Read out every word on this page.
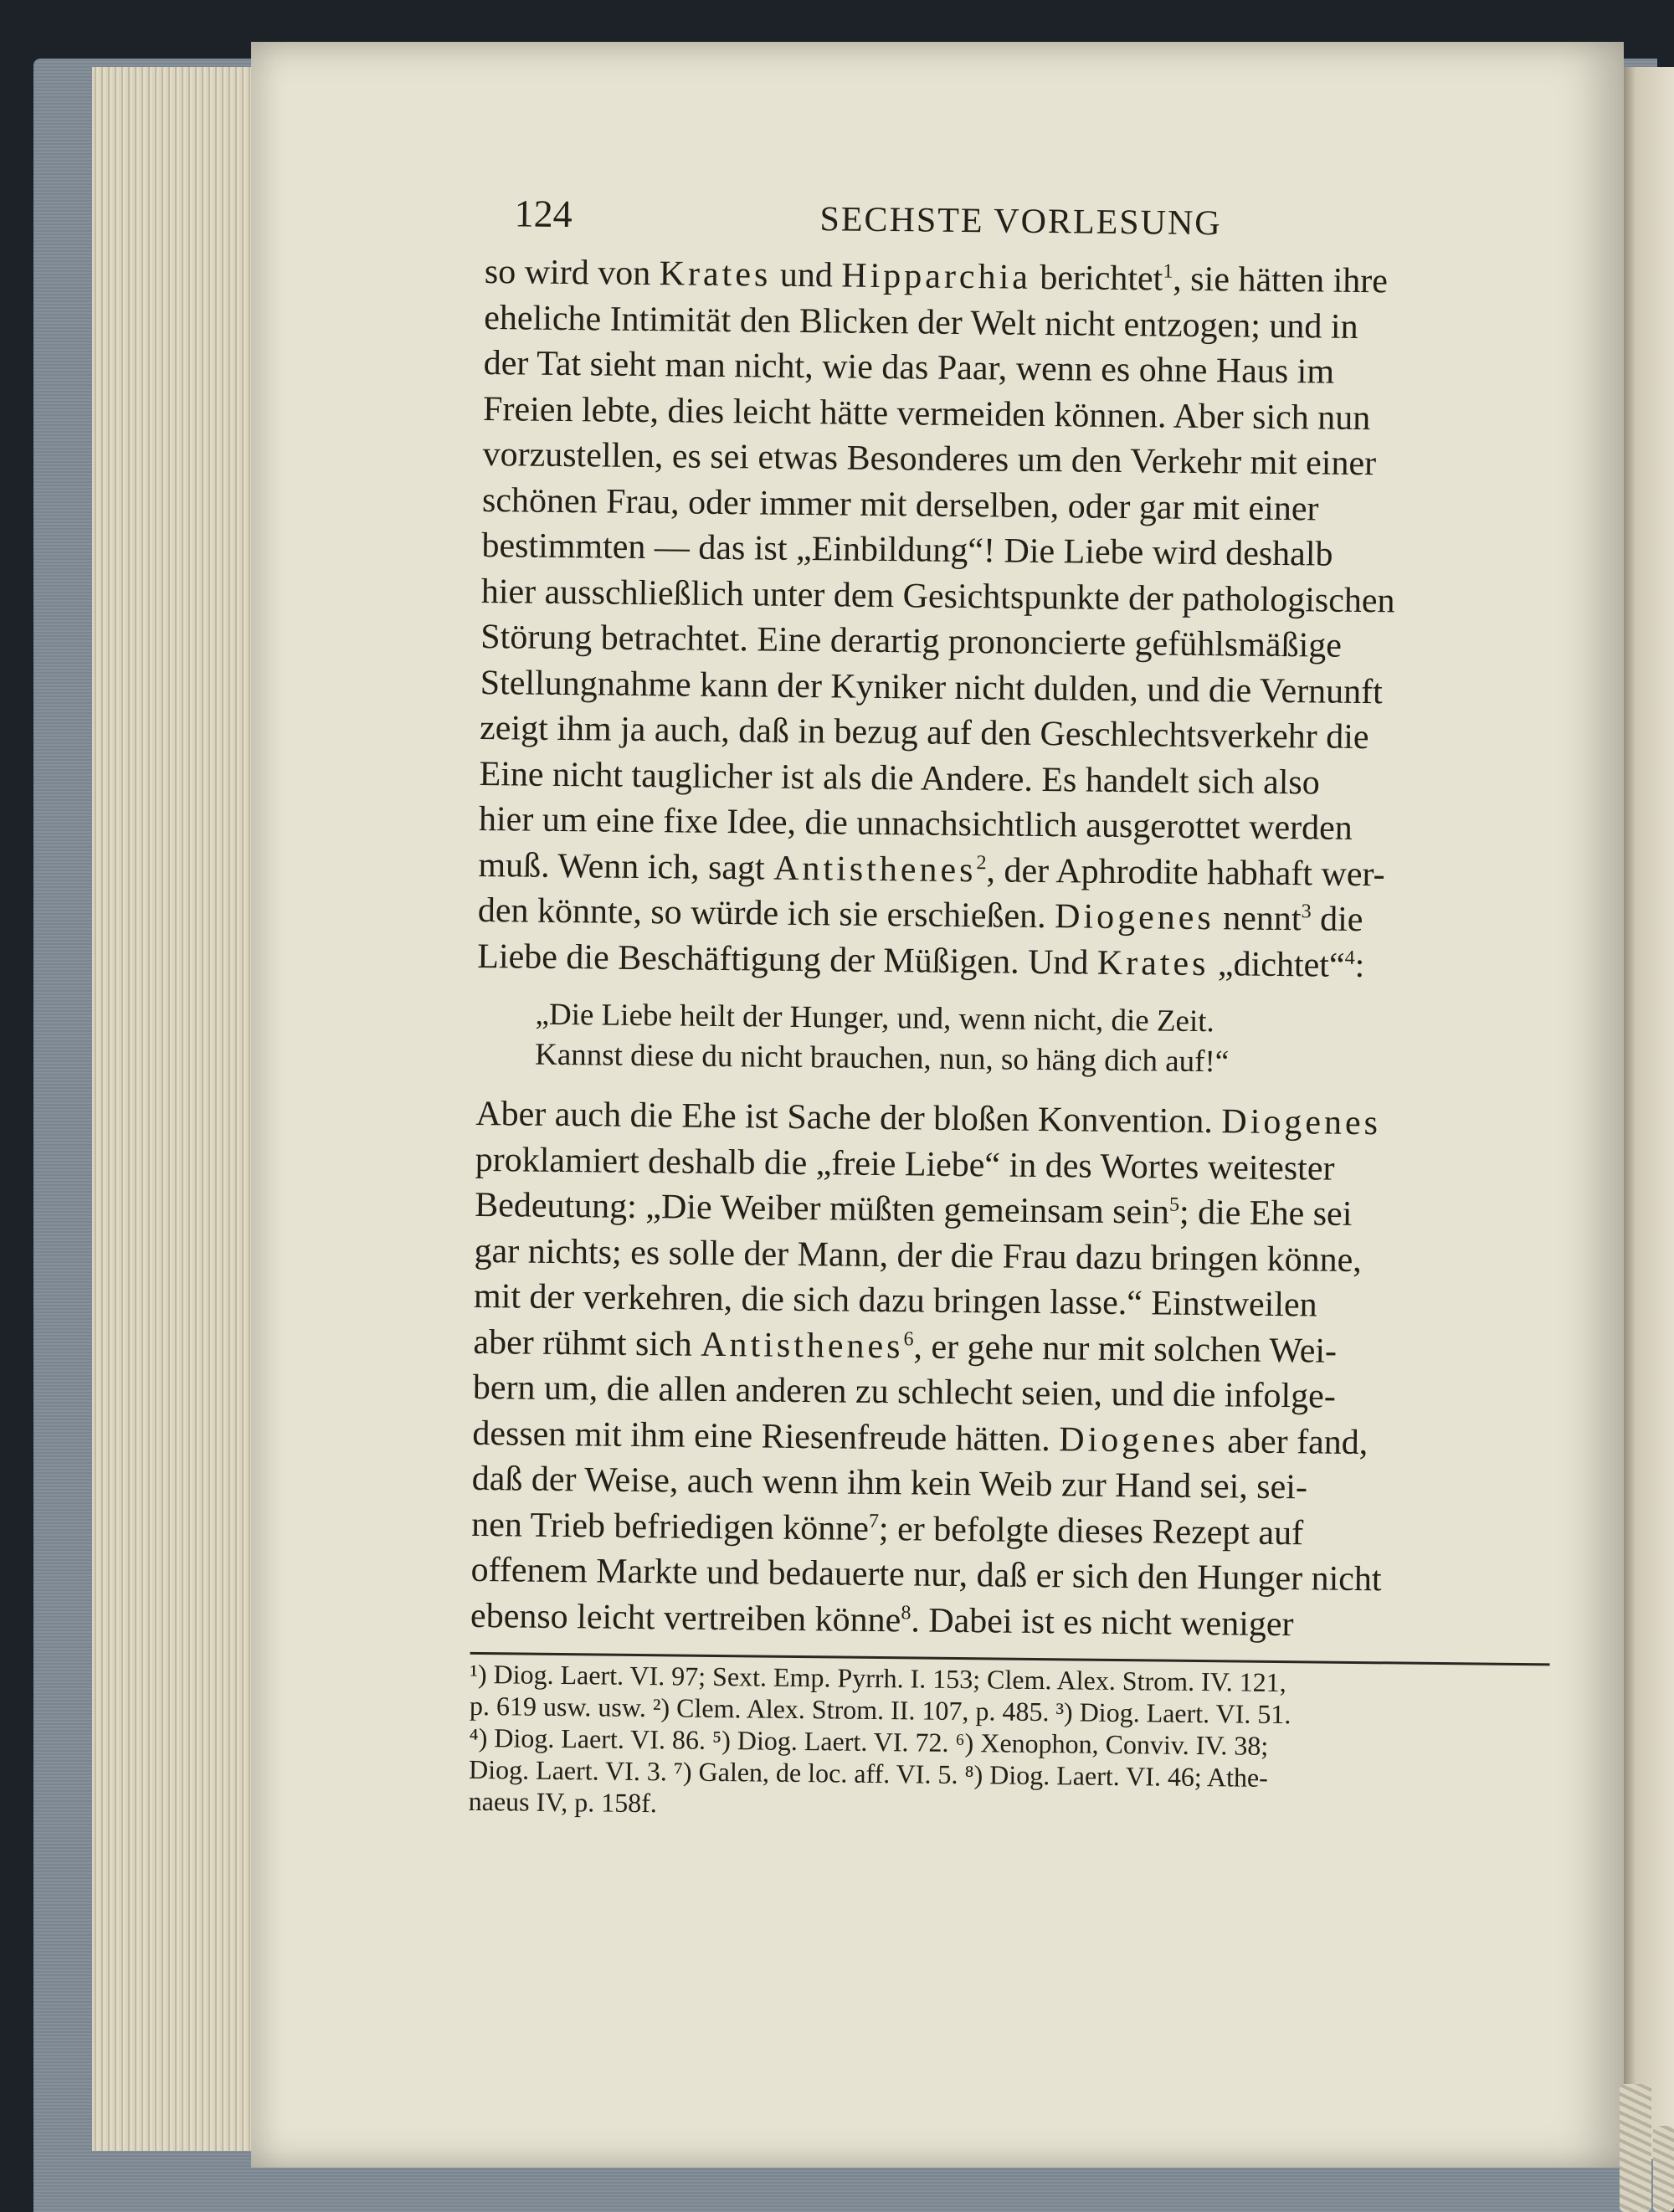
124	SECHSTE VORLESUNG
so wird von Krates und Hipparchia berichtet$^1$, sie hätten ihre
eheliche Intimität den Blicken der Welt nicht entzogen; und in
der Tat sieht man nicht, wie das Paar, wenn es ohne Haus im
Freien lebte, dies leicht hätte vermeiden können. Aber sich nun
vorzustellen, es sei etwas Besonderes um den Verkehr mit einer
schönen Frau, oder immer mit derselben, oder gar mit einer
bestimmten — das ist „Einbildung“! Die Liebe wird deshalb
hier ausschließlich unter dem Gesichtspunkte der pathologischen
Störung betrachtet. Eine derartig prononcierte gefühlsmäßige
Stellungnahme kann der Kyniker nicht dulden, und die Vernunft
zeigt ihm ja auch, daß in bezug auf den Geschlechtsverkehr die
Eine nicht tauglicher ist als die Andere. Es handelt sich also
hier um eine fixe Idee, die unnachsichtlich ausgerottet werden
muß. Wenn ich, sagt Antisthenes$^2$, der Aphrodite habhaft wer-
den könnte, so würde ich sie erschießen. Diogenes nennt$^3$ die
Liebe die Beschäftigung der Müßigen. Und Krates „dichtet“$^4$:
„Die Liebe heilt der Hunger, und, wenn nicht, die Zeit.
Kannst diese du nicht brauchen, nun, so häng dich auf!“
Aber auch die Ehe ist Sache der bloßen Konvention. Diogenes
proklamiert deshalb die „freie Liebe“ in des Wortes weitester
Bedeutung: „Die Weiber müßten gemeinsam sein$^5$; die Ehe sei
gar nichts; es solle der Mann, der die Frau dazu bringen könne,
mit der verkehren, die sich dazu bringen lasse.“ Einstweilen
aber rühmt sich Antisthenes$^6$, er gehe nur mit solchen Wei-
bern um, die allen anderen zu schlecht seien, und die infolge-
dessen mit ihm eine Riesenfreude hätten. Diogenes aber fand,
daß der Weise, auch wenn ihm kein Weib zur Hand sei, sei-
nen Trieb befriedigen könne$^7$; er befolgte dieses Rezept auf
offenem Markte und bedauerte nur, daß er sich den Hunger nicht
ebenso leicht vertreiben könne$^8$. Dabei ist es nicht weniger
¹) Diog. Laert. VI. 97; Sext. Emp. Pyrrh. I. 153; Clem. Alex. Strom. IV. 121,
p. 619 usw. usw. ²) Clem. Alex. Strom. II. 107, p. 485. ³) Diog. Laert. VI. 51.
⁴) Diog. Laert. VI. 86. ⁵) Diog. Laert. VI. 72. ⁶) Xenophon, Conviv. IV. 38;
Diog. Laert. VI. 3. ⁷) Galen, de loc. aff. VI. 5. ⁸) Diog. Laert. VI. 46; Athe-
naeus IV, p. 158f.
